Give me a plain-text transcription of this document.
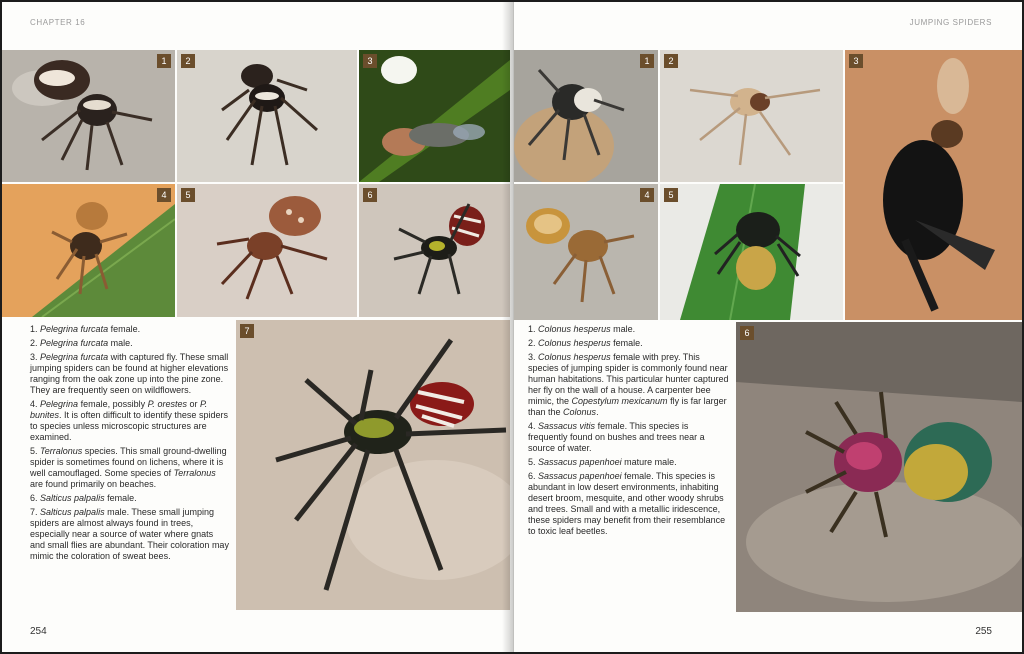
CHAPTER 16
1	2	3
4	5	6

1. Pelegrina furcata female.

2. Pelegrina furcata male.

3. Pelegrina furcata with captured fly. These small jumping spiders can be found at higher elevations ranging from the oak zone up into the pine zone. They are frequently seen on wildflowers.

4. Pelegrina female, possibly P. orestes or P. bunites. It is often difficult to identify these spiders to species unless microscopic structures are examined.

5. Terralonus species. This small ground-dwelling spider is sometimes found on lichens, where it is well camouflaged. Some species of Terralonus are found primarily on beaches.

6. Salticus palpalis female.

7. Salticus palpalis male. These small jumping spiders are almost always found in trees, especially near a source of water where gnats and small flies are abundant. Their coloration may mimic the coloration of sweat bees.

7
254
JUMPING SPIDERS
1	2	3
4	5

1. Colonus hesperus male.

2. Colonus hesperus female.

3. Colonus hesperus female with prey. This species of jumping spider is commonly found near human habitations. This particular hunter captured her fly on the wall of a house. A carpenter bee mimic, the Copestylum mexicanum fly is far larger than the Colonus.

4. Sassacus vitis female. This species is frequently found on bushes and trees near a source of water.

5. Sassacus papenhoei mature male.

6. Sassacus papenhoei female. This species is abundant in low desert environments, inhabiting desert broom, mesquite, and other woody shrubs and trees. Small and with a metallic iridescence, these spiders may benefit from their resemblance to toxic leaf beetles.

6
255
